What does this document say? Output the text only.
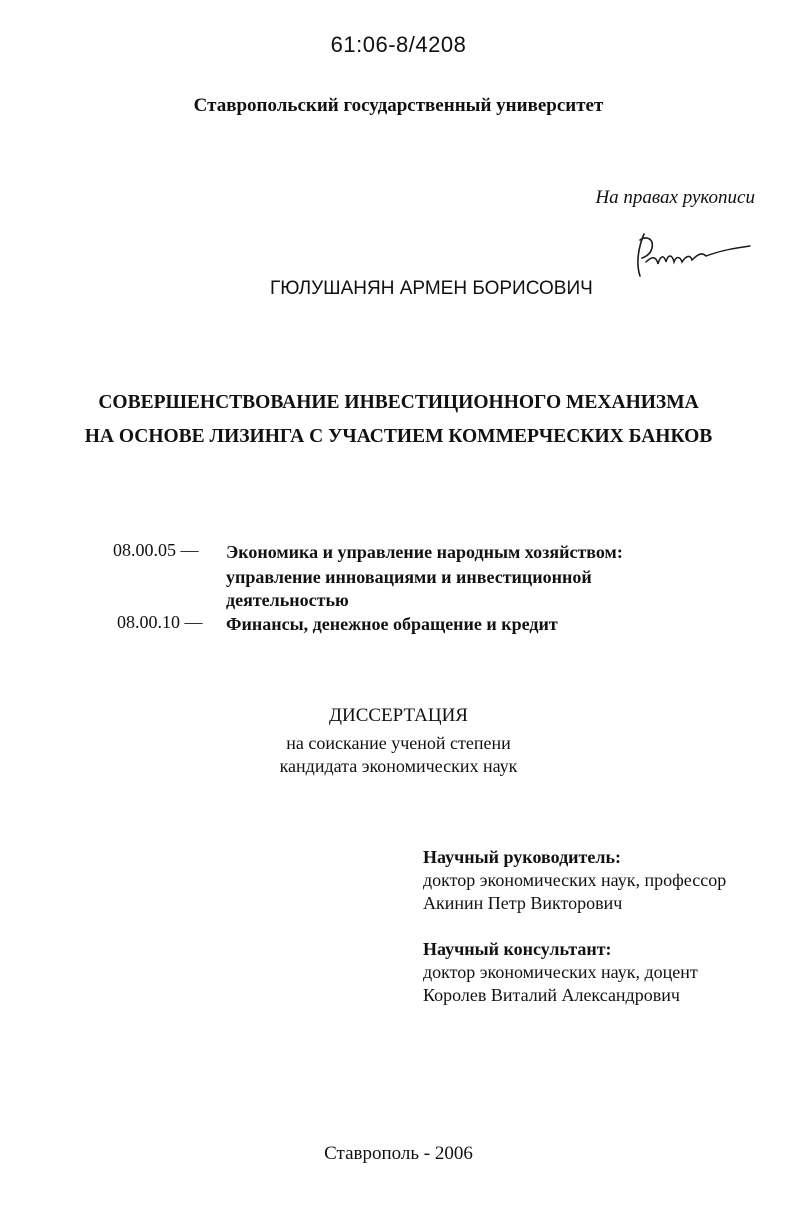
61:06-8/4208
Ставропольский государственный университет
На правах рукописи
ГЮЛУШАНЯН АРМЕН БОРИСОВИЧ
СОВЕРШЕНСТВОВАНИЕ ИНВЕСТИЦИОННОГО МЕХАНИЗМА
НА ОСНОВЕ ЛИЗИНГА С УЧАСТИЕМ КОММЕРЧЕСКИХ БАНКОВ
08.00.05 — Экономика и управление народным хозяйством:
управление инновациями и инвестиционной
деятельностью
08.00.10 — Финансы, денежное обращение и кредит
ДИССЕРТАЦИЯ
на соискание ученой степени
кандидата экономических наук
Научный руководитель:
доктор экономических наук, профессор
Акинин Петр Викторович
Научный консультант:
доктор экономических наук, доцент
Королев Виталий Александрович
Ставрополь - 2006
